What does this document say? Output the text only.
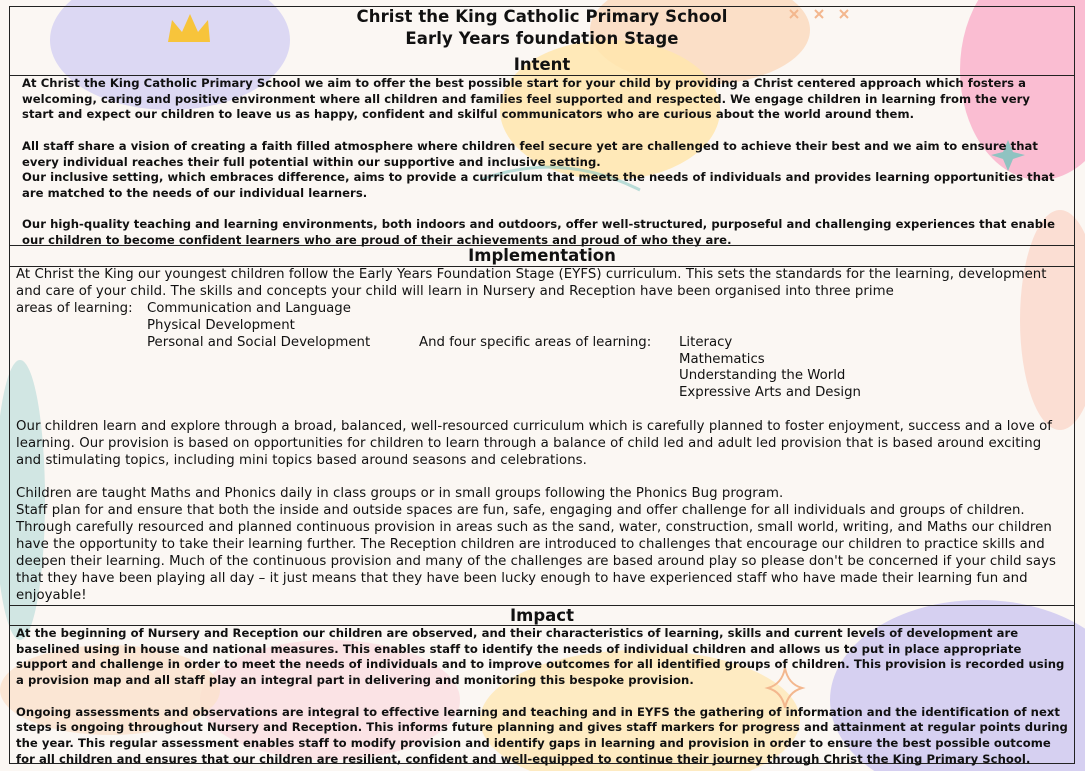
Christ the King Catholic Primary School
Early Years foundation Stage
Intent

At Christ the King Catholic Primary School we aim to offer the best possible start for your child by providing a Christ centered approach which fosters a welcoming, caring and positive environment where all children and families feel supported and respected. We engage children in learning from the very start and expect our children to leave us as happy, confident and skilful communicators who are curious about the world around them.

All staff share a vision of creating a faith filled atmosphere where children feel secure yet are challenged to achieve their best and we aim to ensure that every individual reaches their full potential within our supportive and inclusive setting.

Our inclusive setting, which embraces difference, aims to provide a curriculum that meets the needs of individuals and provides learning opportunities that are matched to the needs of our individual learners.

Our high-quality teaching and learning environments, both indoors and outdoors, offer well-structured, purposeful and challenging experiences that enable our children to become confident learners who are proud of their achievements and proud of who they are.

Implementation

At Christ the King our youngest children follow the Early Years Foundation Stage (EYFS) curriculum. This sets the standards for the learning, development and care of your child. The skills and concepts your child will learn in Nursery and Reception have been organised into three prime

areas of learning: Communication and Language
Physical Development
Personal and Social Development	And four specific areas of learning: Literacy
Mathematics
Understanding the World
Expressive Arts and Design

Our children learn and explore through a broad, balanced, well-resourced curriculum which is carefully planned to foster enjoyment, success and a love of learning. Our provision is based on opportunities for children to learn through a balance of child led and adult led provision that is based around exciting and stimulating topics, including mini topics based around seasons and celebrations.

Children are taught Maths and Phonics daily in class groups or in small groups following the Phonics Bug program.

Staff plan for and ensure that both the inside and outside spaces are fun, safe, engaging and offer challenge for all individuals and groups of children. Through carefully resourced and planned continuous provision in areas such as the sand, water, construction, small world, writing, and Maths our children have the opportunity to take their learning further. The Reception children are introduced to challenges that encourage our children to practice skills and deepen their learning. Much of the continuous provision and many of the challenges are based around play so please don't be concerned if your child says that they have been playing all day – it just means that they have been lucky enough to have experienced staff who have made their learning fun and enjoyable!

Impact

At the beginning of Nursery and Reception our children are observed, and their characteristics of learning, skills and current levels of development are baselined using in house and national measures. This enables staff to identify the needs of individual children and allows us to put in place appropriate support and challenge in order to meet the needs of individuals and to improve outcomes for all identified groups of children. This provision is recorded using a provision map and all staff play an integral part in delivering and monitoring this bespoke provision.

Ongoing assessments and observations are integral to effective learning and teaching and in EYFS the gathering of information and the identification of next steps is ongoing throughout Nursery and Reception. This informs future planning and gives staff markers for progress and attainment at regular points during the year. This regular assessment enables staff to modify provision and identify gaps in learning and provision in order to ensure the best possible outcome for all children and ensures that our children are resilient, confident and well-equipped to continue their journey through Christ the King Primary School.
